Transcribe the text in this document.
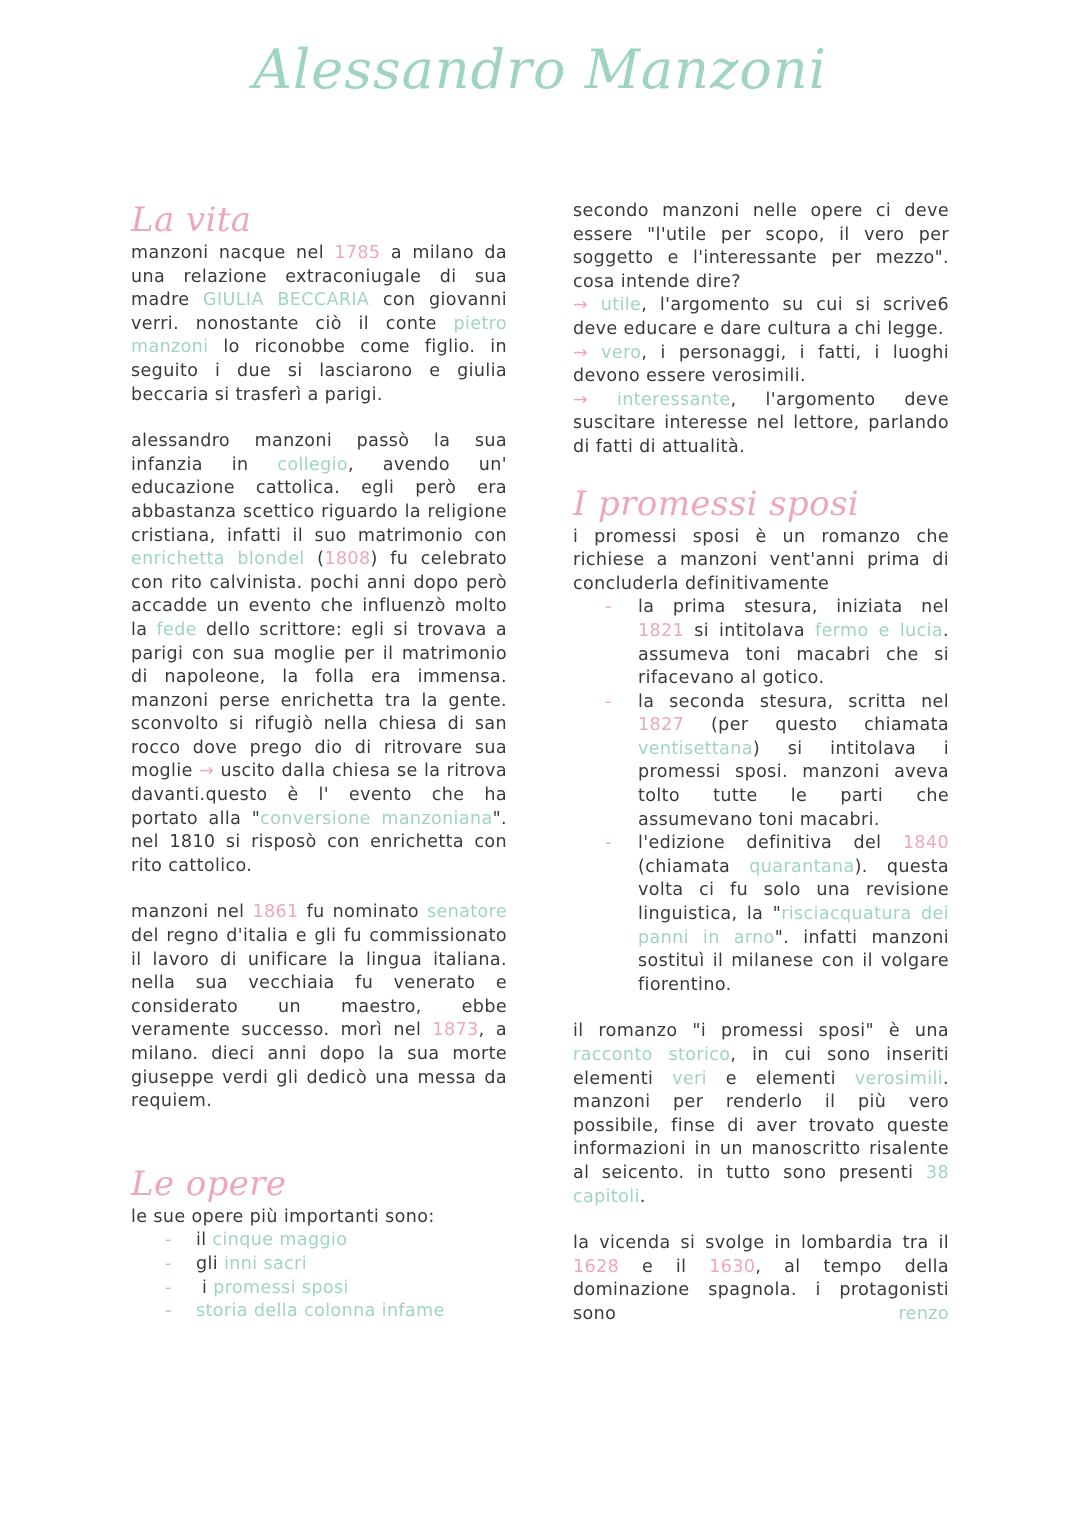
Alessandro Manzoni
La vita

manzoni nacque nel 1785 a milano da una relazione extraconiugale di sua madre GIULIA BECCARIA con giovanni verri. nonostante ciò il conte pietro manzoni lo riconobbe come figlio. in seguito i due si lasciarono e giulia beccaria si trasferì a parigi.

alessandro manzoni passò la sua infanzia in collegio, avendo un' educazione cattolica. egli però era abbastanza scettico riguardo la religione cristiana, infatti il suo matrimonio con enrichetta blondel (1808) fu celebrato con rito calvinista. pochi anni dopo però accadde un evento che influenzò molto la fede dello scrittore: egli si trovava a parigi con sua moglie per il matrimonio di napoleone, la folla era immensa. manzoni perse enrichetta tra la gente. sconvolto si rifugiò nella chiesa di san rocco dove prego dio di ritrovare sua moglie → uscito dalla chiesa se la ritrova davanti.questo è l' evento che ha portato alla "conversione manzoniana". nel 1810 si risposò con enrichetta con rito cattolico.

manzoni nel 1861 fu nominato senatore del regno d'italia e gli fu commissionato il lavoro di unificare la lingua italiana. nella sua vecchiaia fu venerato e considerato un maestro, ebbe veramente successo. morì nel 1873, a milano. dieci anni dopo la sua morte giuseppe verdi gli dedicò una messa da requiem.

Le opere

le sue opere più importanti sono:

- il cinque maggio
- gli inni sacri
-  i promessi sposi
- storia della colonna infame

secondo manzoni nelle opere ci deve essere "l'utile per scopo, il vero per soggetto e l'interessante per mezzo". cosa intende dire?

→ utile, l'argomento su cui si scrive6 deve educare e dare cultura a chi legge.

→ vero, i personaggi, i fatti, i luoghi devono essere verosimili.

→ interessante, l'argomento deve suscitare interesse nel lettore, parlando di fatti di attualità.

I promessi sposi

i promessi sposi è un romanzo che richiese a manzoni vent'anni prima di concluderla definitivamente

- la prima stesura, iniziata nel 1821 si intitolava fermo e lucia. assumeva toni macabri che si rifacevano al gotico.
- la seconda stesura, scritta nel 1827 (per questo chiamata ventisettana) si intitolava i promessi sposi. manzoni aveva tolto tutte le parti che assumevano toni macabri.
- l'edizione definitiva del 1840 (chiamata quarantana). questa volta ci fu solo una revisione linguistica, la "risciacquatura dei panni in arno". infatti manzoni sostituì il milanese con il volgare fiorentino.

il romanzo "i promessi sposi" è una racconto storico, in cui sono inseriti elementi veri e elementi verosimili. manzoni per renderlo il più vero possibile, finse di aver trovato queste informazioni in un manoscritto risalente al seicento. in tutto sono presenti 38 capitoli.

la vicenda si svolge in lombardia tra il 1628 e il 1630, al tempo della dominazione spagnola. i protagonisti sono renzo
